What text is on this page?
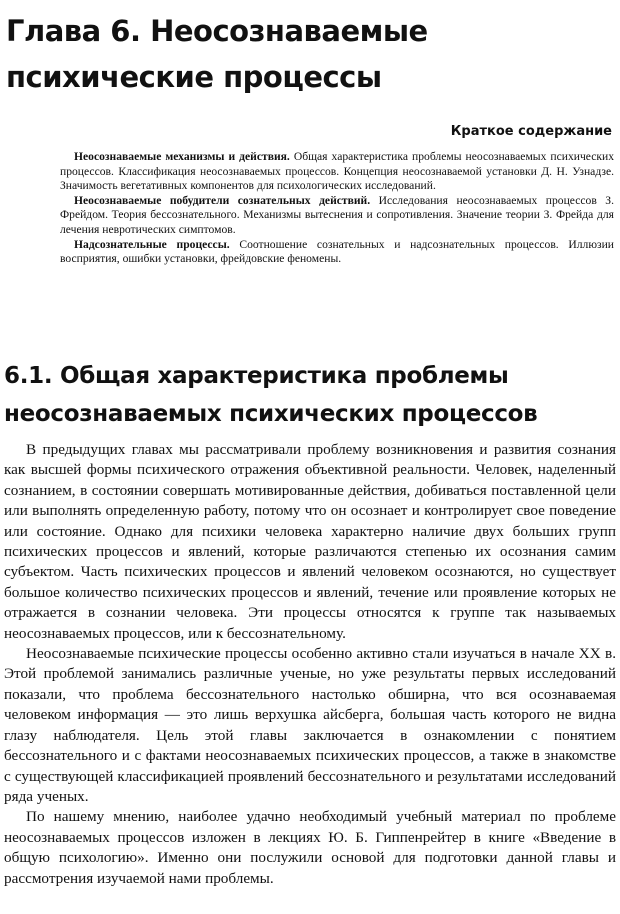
Глава 6. Неосознаваемые
психические процессы
Краткое содержание

Неосознаваемые механизмы и действия. Общая характеристика проблемы неосознаваемых психических процессов. Классификация неосознаваемых процессов. Концепция неосознаваемой установки Д. Н. Узнадзе. Значимость вегетативных компонентов для психологических исследований.

Неосознаваемые побудители сознательных действий. Исследования неосознаваемых процессов З. Фрейдом. Теория бессознательного. Механизмы вытеснения и сопротивления. Значение теории З. Фрейда для лечения невротических симптомов.

Надсознательные процессы. Соотношение сознательных и надсознательных процессов. Иллюзии восприятия, ошибки установки, фрейдовские феномены.

6.1. Общая характеристика проблемы
неосознаваемых психических процессов

В предыдущих главах мы рассматривали проблему возникновения и развития сознания как высшей формы психического отражения объективной реальности. Человек, наделенный сознанием, в состоянии совершать мотивированные действия, добиваться поставленной цели или выполнять определенную работу, потому что он осознает и контролирует свое поведение или состояние. Однако для психики человека характерно наличие двух больших групп психических процессов и явлений, которые различаются степенью их осознания самим субъектом. Часть психических процессов и явлений человеком осознаются, но существует большое количество психических процессов и явлений, течение или проявление которых не отражается в сознании человека. Эти процессы относятся к группе так называемых неосознаваемых процессов, или к бессознательному.

Неосознаваемые психические процессы особенно активно стали изучаться в начале XX в. Этой проблемой занимались различные ученые, но уже результаты первых исследований показали, что проблема бессознательного настолько обширна, что вся осознаваемая человеком информация — это лишь верхушка айсберга, большая часть которого не видна глазу наблюдателя. Цель этой главы заключается в ознакомлении с понятием бессознательного и с фактами неосознаваемых психических процессов, а также в знакомстве с существующей классификацией проявлений бессознательного и результатами исследований ряда ученых.

По нашему мнению, наиболее удачно необходимый учебный материал по проблеме неосознаваемых процессов изложен в лекциях Ю. Б. Гиппенрейтер в книге «Введение в общую психологию». Именно они послужили основой для подготовки данной главы и рассмотрения изучаемой нами проблемы.
